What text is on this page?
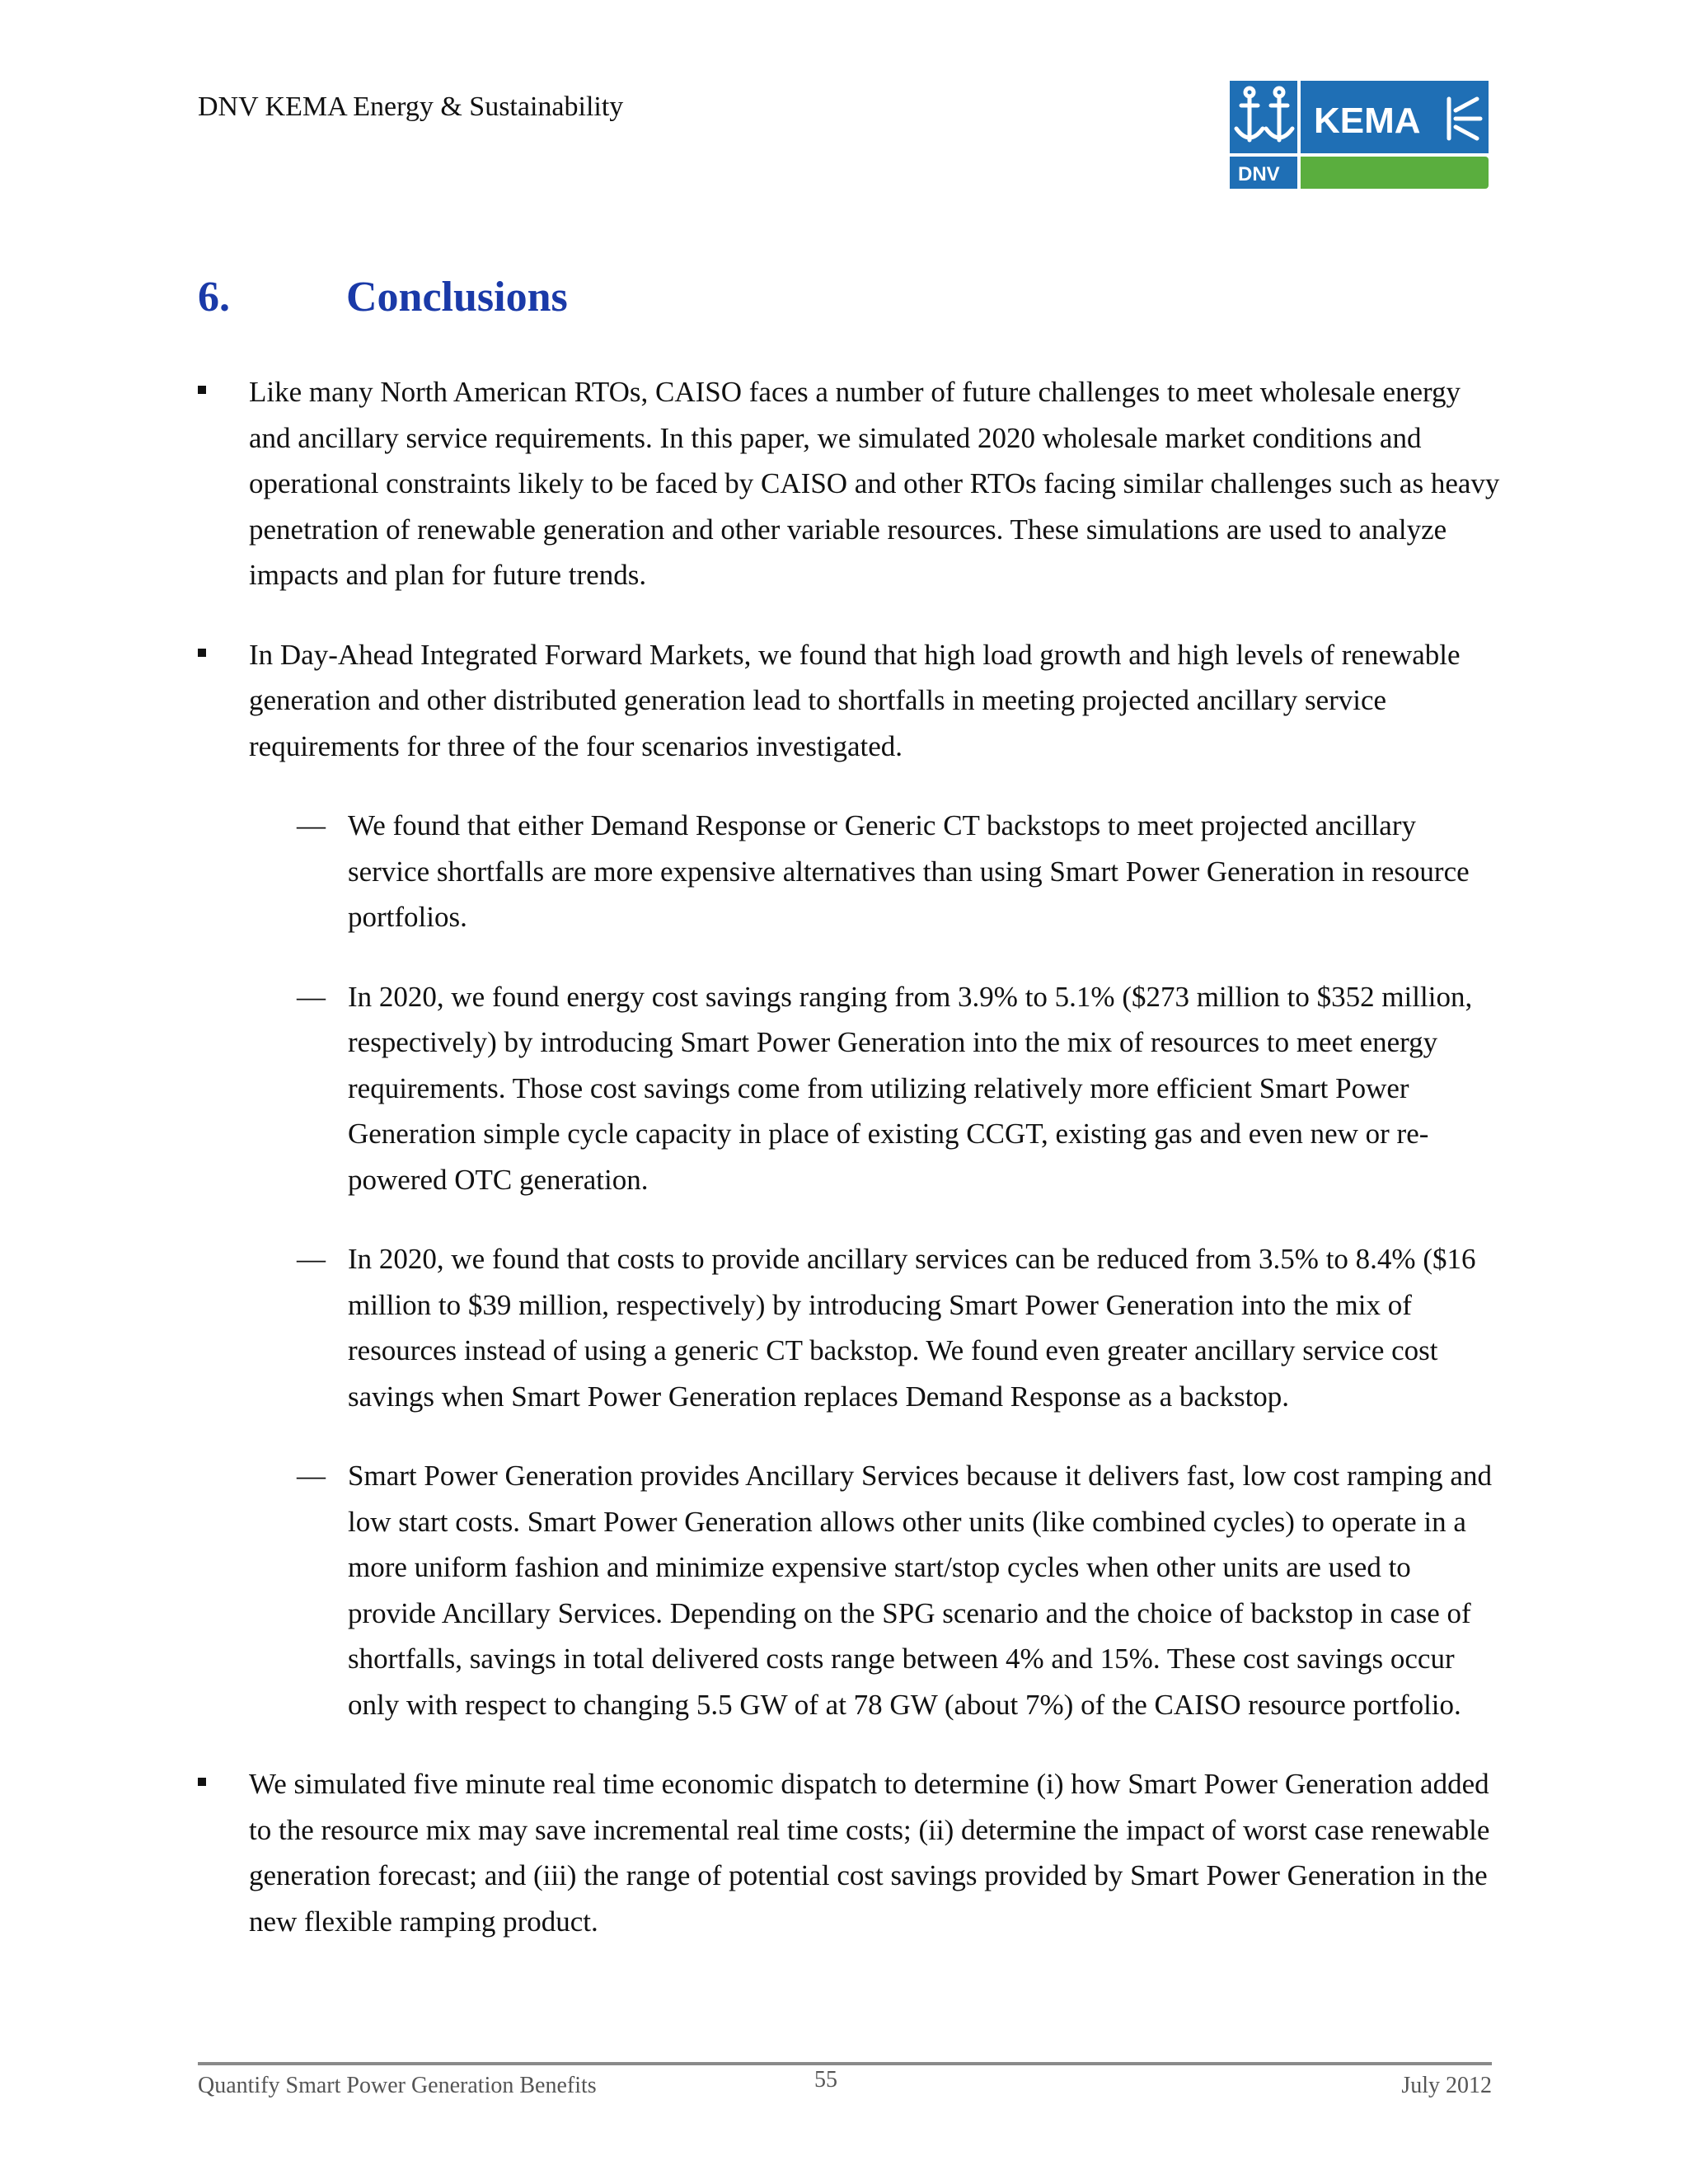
DNV KEMA Energy & Sustainability	KEMA
DNV
6.	Conclusions
Like many North American RTOs, CAISO faces a number of future challenges to meet wholesale energy and ancillary service requirements. In this paper, we simulated 2020 wholesale market conditions and operational constraints likely to be faced by CAISO and other RTOs facing similar challenges such as heavy penetration of renewable generation and other variable resources. These simulations are used to analyze impacts and plan for future trends.
In Day-Ahead Integrated Forward Markets, we found that high load growth and high levels of renewable generation and other distributed generation lead to shortfalls in meeting projected ancillary service requirements for three of the four scenarios investigated.
— We found that either Demand Response or Generic CT backstops to meet projected ancillary service shortfalls are more expensive alternatives than using Smart Power Generation in resource portfolios.
— In 2020, we found energy cost savings ranging from 3.9% to 5.1% ($273 million to $352 million, respectively) by introducing Smart Power Generation into the mix of resources to meet energy requirements. Those cost savings come from utilizing relatively more efficient Smart Power Generation simple cycle capacity in place of existing CCGT, existing gas and even new or re-powered OTC generation.
— In 2020, we found that costs to provide ancillary services can be reduced from 3.5% to 8.4% ($16 million to $39 million, respectively) by introducing Smart Power Generation into the mix of resources instead of using a generic CT backstop. We found even greater ancillary service cost savings when Smart Power Generation replaces Demand Response as a backstop.
— Smart Power Generation provides Ancillary Services because it delivers fast, low cost ramping and low start costs. Smart Power Generation allows other units (like combined cycles) to operate in a more uniform fashion and minimize expensive start/stop cycles when other units are used to provide Ancillary Services. Depending on the SPG scenario and the choice of backstop in case of shortfalls, savings in total delivered costs range between 4% and 15%. These cost savings occur only with respect to changing 5.5 GW of at 78 GW (about 7%) of the CAISO resource portfolio.
We simulated five minute real time economic dispatch to determine (i) how Smart Power Generation added to the resource mix may save incremental real time costs; (ii) determine the impact of worst case renewable generation forecast; and (iii) the range of potential cost savings provided by Smart Power Generation in the new flexible ramping product.
Quantify Smart Power Generation Benefits	55	July 2012
